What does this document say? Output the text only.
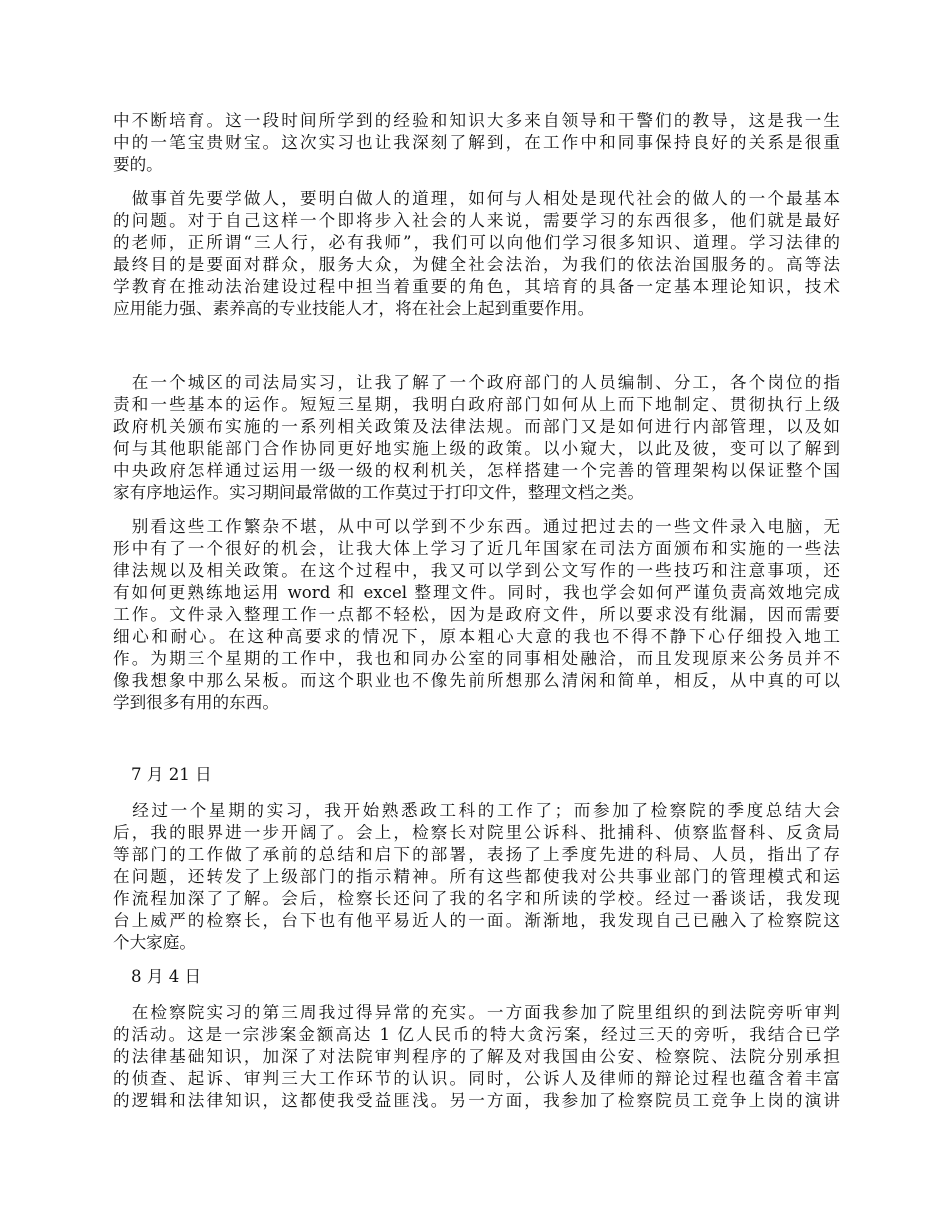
中不断培育。这一段时间所学到的经验和知识大多来自领导和干警们的教导，这是我一生
中的一笔宝贵财宝。这次实习也让我深刻了解到，在工作中和同事保持良好的关系是很重
要的。
　做事首先要学做人，要明白做人的道理，如何与人相处是现代社会的做人的一个最基本
的问题。对于自己这样一个即将步入社会的人来说，需要学习的东西很多，他们就是最好
的老师，正所谓“三人行，必有我师”，我们可以向他们学习很多知识、道理。学习法律的
最终目的是要面对群众，服务大众，为健全社会法治，为我们的依法治国服务的。高等法
学教育在推动法治建设过程中担当着重要的角色，其培育的具备一定基本理论知识，技术
应用能力强、素养高的专业技能人才，将在社会上起到重要作用。
　在一个城区的司法局实习，让我了解了一个政府部门的人员编制、分工，各个岗位的指
责和一些基本的运作。短短三星期，我明白政府部门如何从上而下地制定、贯彻执行上级
政府机关颁布实施的一系列相关政策及法律法规。而部门又是如何进行内部管理，以及如
何与其他职能部门合作协同更好地实施上级的政策。以小窥大，以此及彼，变可以了解到
中央政府怎样通过运用一级一级的权利机关，怎样搭建一个完善的管理架构以保证整个国
家有序地运作。实习期间最常做的工作莫过于打印文件，整理文档之类。
　别看这些工作繁杂不堪，从中可以学到不少东西。通过把过去的一些文件录入电脑，无
形中有了一个很好的机会，让我大体上学习了近几年国家在司法方面颁布和实施的一些法
律法规以及相关政策。在这个过程中，我又可以学到公文写作的一些技巧和注意事项，还
有如何更熟练地运用 word 和 excel 整理文件。同时，我也学会如何严谨负责高效地完成
工作。文件录入整理工作一点都不轻松，因为是政府文件，所以要求没有纰漏，因而需要
细心和耐心。在这种高要求的情况下，原本粗心大意的我也不得不静下心仔细投入地工
作。为期三个星期的工作中，我也和同办公室的同事相处融洽，而且发现原来公务员并不
像我想象中那么呆板。而这个职业也不像先前所想那么清闲和简单，相反，从中真的可以
学到很多有用的东西。

7 月 21 日

　经过一个星期的实习，我开始熟悉政工科的工作了；而参加了检察院的季度总结大会
后，我的眼界进一步开阔了。会上，检察长对院里公诉科、批捕科、侦察监督科、反贪局
等部门的工作做了承前的总结和启下的部署，表扬了上季度先进的科局、人员，指出了存
在问题，还转发了上级部门的指示精神。所有这些都使我对公共事业部门的管理模式和运
作流程加深了了解。会后，检察长还问了我的名字和所读的学校。经过一番谈话，我发现
台上威严的检察长，台下也有他平易近人的一面。渐渐地，我发现自己已融入了检察院这
个大家庭。

8 月 4 日

　在检察院实习的第三周我过得异常的充实。一方面我参加了院里组织的到法院旁听审判
的活动。这是一宗涉案金额高达 1 亿人民币的特大贪污案，经过三天的旁听，我结合已学
的法律基础知识，加深了对法院审判程序的了解及对我国由公安、检察院、法院分别承担
的侦查、起诉、审判三大工作环节的认识。同时，公诉人及律师的辩论过程也蕴含着丰富
的逻辑和法律知识，这都使我受益匪浅。另一方面，我参加了检察院员工竞争上岗的演讲
